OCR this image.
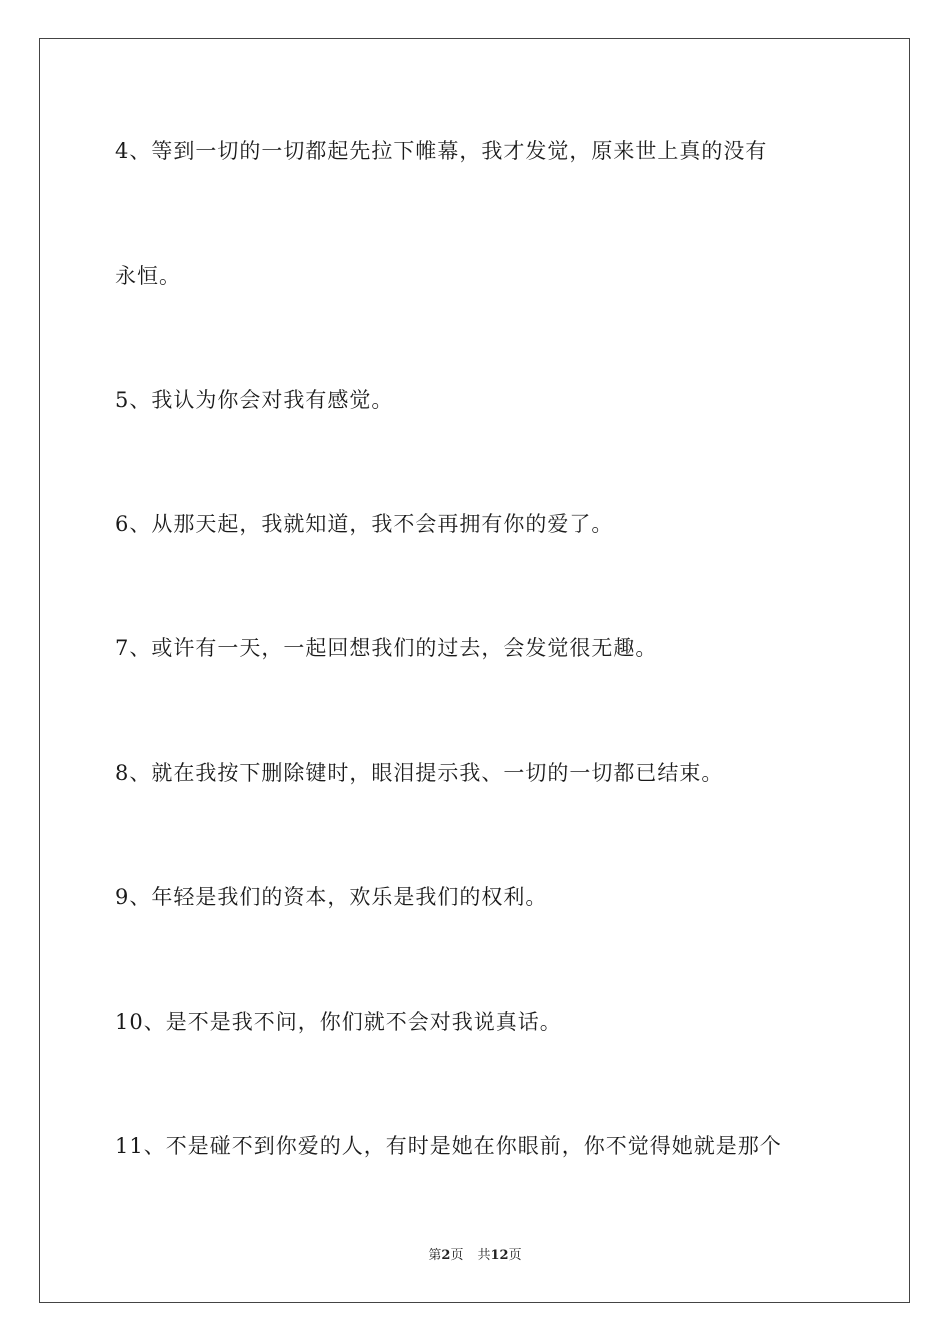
4、等到一切的一切都起先拉下帷幕，我才发觉，原来世上真的没有
永恒。
5、我认为你会对我有感觉。
6、从那天起，我就知道，我不会再拥有你的爱了。
7、或许有一天，一起回想我们的过去，会发觉很无趣。
8、就在我按下删除键时，眼泪提示我、一切的一切都已结束。
9、年轻是我们的资本，欢乐是我们的权利。
10、是不是我不问，你们就不会对我说真话。
11、不是碰不到你爱的人，有时是她在你眼前，你不觉得她就是那个
第2页 共12页
